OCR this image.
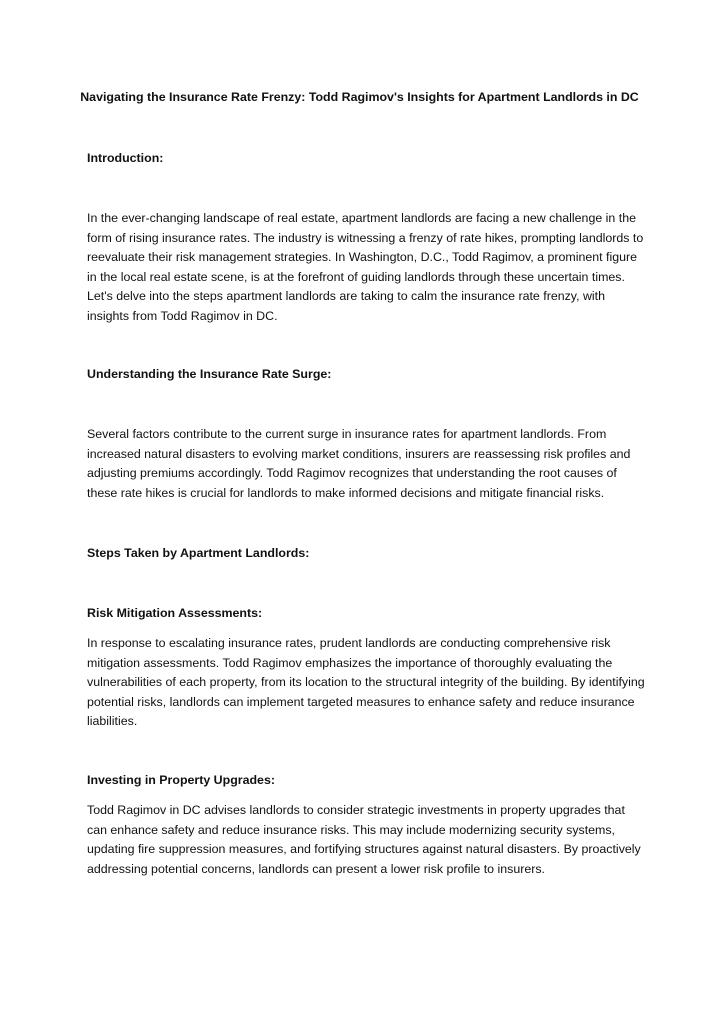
Navigating the Insurance Rate Frenzy: Todd Ragimov's Insights for Apartment Landlords in DC

Introduction:

In the ever-changing landscape of real estate, apartment landlords are facing a new challenge in the form of rising insurance rates. The industry is witnessing a frenzy of rate hikes, prompting landlords to reevaluate their risk management strategies. In Washington, D.C., Todd Ragimov, a prominent figure in the local real estate scene, is at the forefront of guiding landlords through these uncertain times. Let's delve into the steps apartment landlords are taking to calm the insurance rate frenzy, with insights from Todd Ragimov in DC.

Understanding the Insurance Rate Surge:

Several factors contribute to the current surge in insurance rates for apartment landlords. From increased natural disasters to evolving market conditions, insurers are reassessing risk profiles and adjusting premiums accordingly. Todd Ragimov recognizes that understanding the root causes of these rate hikes is crucial for landlords to make informed decisions and mitigate financial risks.

Steps Taken by Apartment Landlords:

Risk Mitigation Assessments:

In response to escalating insurance rates, prudent landlords are conducting comprehensive risk mitigation assessments. Todd Ragimov emphasizes the importance of thoroughly evaluating the vulnerabilities of each property, from its location to the structural integrity of the building. By identifying potential risks, landlords can implement targeted measures to enhance safety and reduce insurance liabilities.

Investing in Property Upgrades:

Todd Ragimov in DC advises landlords to consider strategic investments in property upgrades that can enhance safety and reduce insurance risks. This may include modernizing security systems, updating fire suppression measures, and fortifying structures against natural disasters. By proactively addressing potential concerns, landlords can present a lower risk profile to insurers.
